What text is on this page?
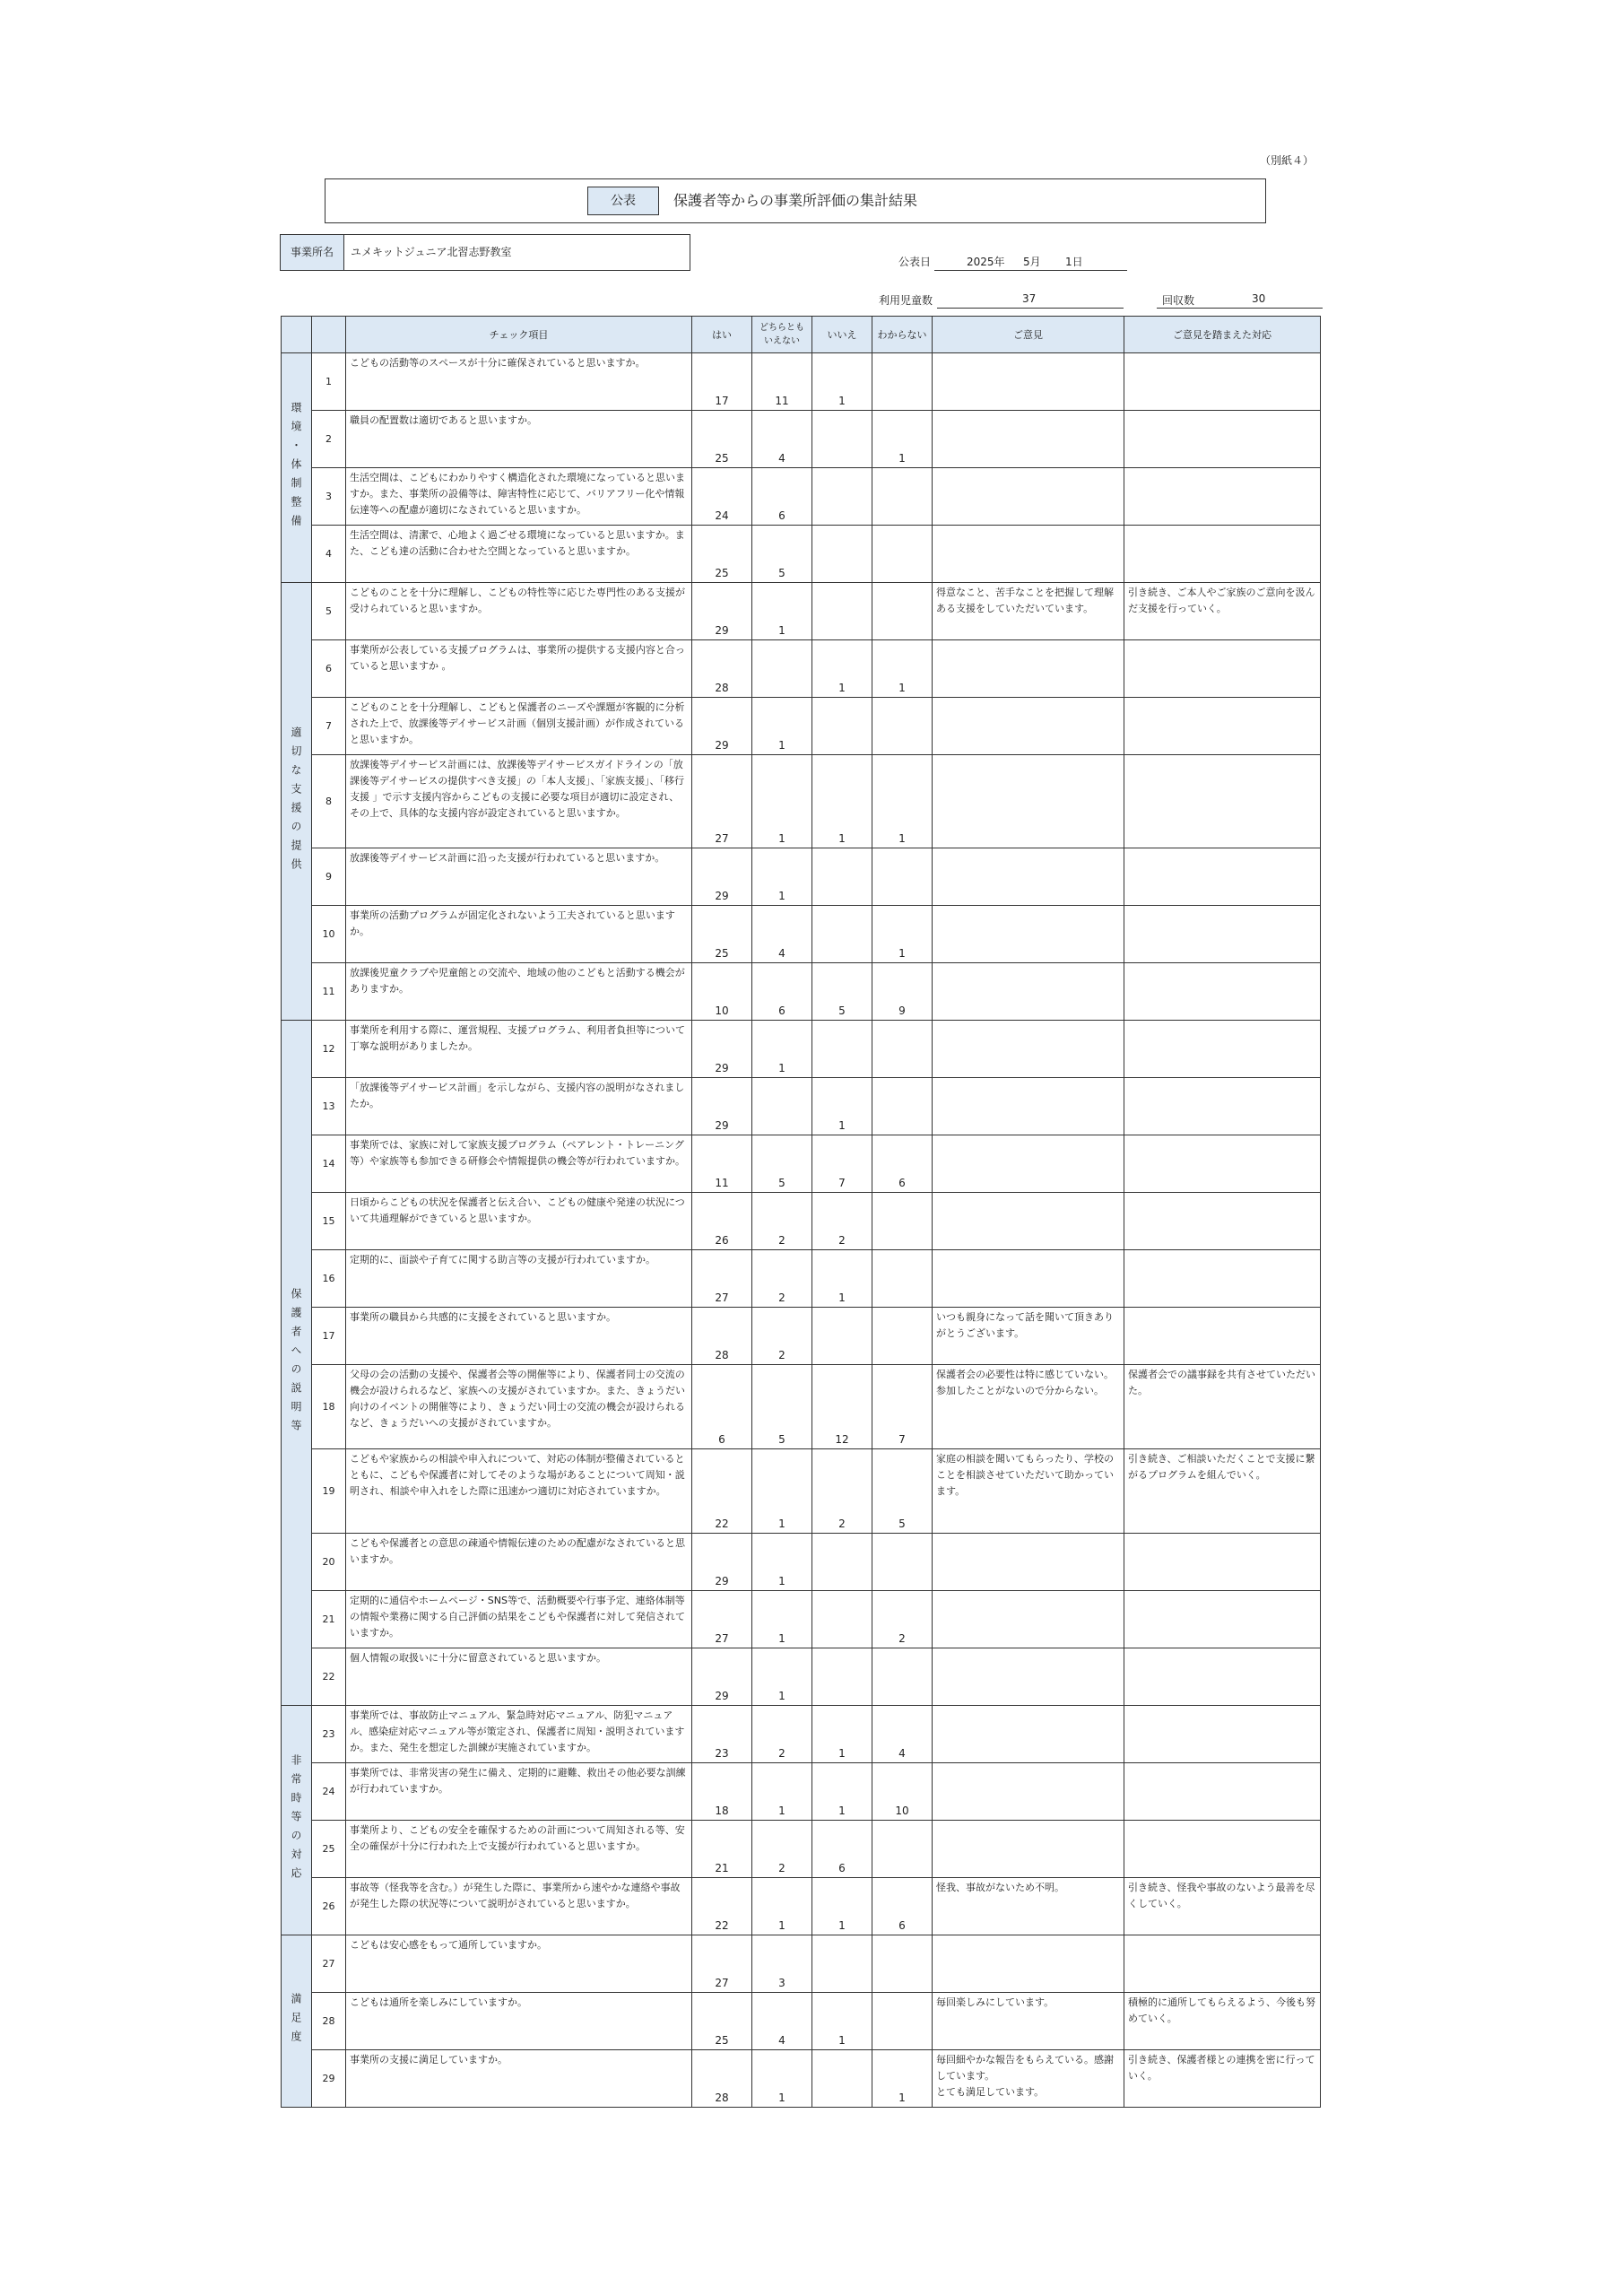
（別紙４）
公表	保護者等からの事業所評価の集計結果
事業所名	ユメキットジュニア北習志野教室
公表日	2025年 5月 1日
利用児童数	37	回収数	30
		チェック項目	はい	どちらとも
いえない	いいえ	わからない	ご意見	ご意見を踏まえた対応
環境・体制整備	1	こどもの活動等のスペースが十分に確保されていると思いますか。	17	11	1			
	2	職員の配置数は適切であると思いますか。	25	4		1		
	3	生活空間は、こどもにわかりやすく構造化された環境になっていると思いますか。また、事業所の設備等は、障害特性に応じて、バリアフリー化や情報伝達等への配慮が適切になされていると思いますか。	24	6				
	4	生活空間は、清潔で、心地よく過ごせる環境になっていると思いますか。また、こども達の活動に合わせた空間となっていると思いますか。	25	5				
適切な支援の提供	5	こどものことを十分に理解し、こどもの特性等に応じた専門性のある支援が受けられていると思いますか。	29	1			得意なこと、苦手なことを把握して理解ある支援をしていただいています。	引き続き、ご本人やご家族のご意向を汲んだ支援を行っていく。
	6	事業所が公表している支援プログラムは、事業所の提供する支援内容と合っていると思いますか 。	28		1	1		
	7	こどものことを十分理解し、こどもと保護者のニーズや課題が客観的に分析された上で、放課後等デイサービス計画（個別支援計画）が作成されていると思いますか。	29	1				
	8	放課後等デイサービス計画には、放課後等デイサービスガイドラインの「放課後等デイサービスの提供すべき支援」の「本人支援」、「家族支援」、「移行支援 」で示す支援内容からこどもの支援に必要な項目が適切に設定され、その上で、具体的な支援内容が設定されていると思いますか。	27	1	1	1		
	9	放課後等デイサービス計画に沿った支援が行われていると思いますか。	29	1				
	10	事業所の活動プログラムが固定化されないよう工夫されていると思いますか。	25	4		1		
	11	放課後児童クラブや児童館との交流や、地域の他のこどもと活動する機会がありますか。	10	6	5	9		
保護者への説明等	12	事業所を利用する際に、運営規程、支援プログラム、利用者負担等について丁寧な説明がありましたか。	29	1				
	13	「放課後等デイサービス計画」を示しながら、支援内容の説明がなされましたか。	29		1			
	14	事業所では、家族に対して家族支援プログラム（ペアレント・トレーニング等）や家族等も参加できる研修会や情報提供の機会等が行われていますか。	11	5	7	6		
	15	日頃からこどもの状況を保護者と伝え合い、こどもの健康や発達の状況について共通理解ができていると思いますか。	26	2	2			
	16	定期的に、面談や子育てに関する助言等の支援が行われていますか。	27	2	1			
	17	事業所の職員から共感的に支援をされていると思いますか。	28	2			いつも親身になって話を聞いて頂きありがとうございます。	
	18	父母の会の活動の支援や、保護者会等の開催等により、保護者同士の交流の機会が設けられるなど、家族への支援がされていますか。また、きょうだい向けのイベントの開催等により、きょうだい同士の交流の機会が設けられるなど、きょうだいへの支援がされていますか。	6	5	12	7	保護者会の必要性は特に感じていない。
参加したことがないので分からない。	保護者会での議事録を共有させていただいた。
	19	こどもや家族からの相談や申入れについて、対応の体制が整備されているとともに、こどもや保護者に対してそのような場があることについて周知・説明され、相談や申入れをした際に迅速かつ適切に対応されていますか。	22	1	2	5	家庭の相談を聞いてもらったり、学校のことを相談させていただいて助かっています。	引き続き、ご相談いただくことで支援に繋がるプログラムを組んでいく。
	20	こどもや保護者との意思の疎通や情報伝達のための配慮がなされていると思いますか。	29	1				
	21	定期的に通信やホームページ・SNS等で、活動概要や行事予定、連絡体制等の情報や業務に関する自己評価の結果をこどもや保護者に対して発信されていますか。	27	1		2		
	22	個人情報の取扱いに十分に留意されていると思いますか。	29	1				
非常時等の対応	23	事業所では、事故防止マニュアル、緊急時対応マニュアル、防犯マニュアル、感染症対応マニュアル等が策定され、保護者に周知・説明されていますか。また、発生を想定した訓練が実施されていますか。	23	2	1	4		
	24	事業所では、非常災害の発生に備え、定期的に避難、救出その他必要な訓練が行われていますか。	18	1	1	10		
	25	事業所より、こどもの安全を確保するための計画について周知される等、安全の確保が十分に行われた上で支援が行われていると思いますか。	21	2	6			
	26	事故等（怪我等を含む。）が発生した際に、事業所から速やかな連絡や事故が発生した際の状況等について説明がされていると思いますか。	22	1	1	6	怪我、事故がないため不明。	引き続き、怪我や事故のないよう最善を尽くしていく。
満足度	27	こどもは安心感をもって通所していますか。	27	3				
	28	こどもは通所を楽しみにしていますか。	25	4	1		毎回楽しみにしています。	積極的に通所してもらえるよう、今後も努めていく。
	29	事業所の支援に満足していますか。	28	1		1	毎回細やかな報告をもらえている。感謝しています。
とても満足しています。	引き続き、保護者様との連携を密に行っていく。
